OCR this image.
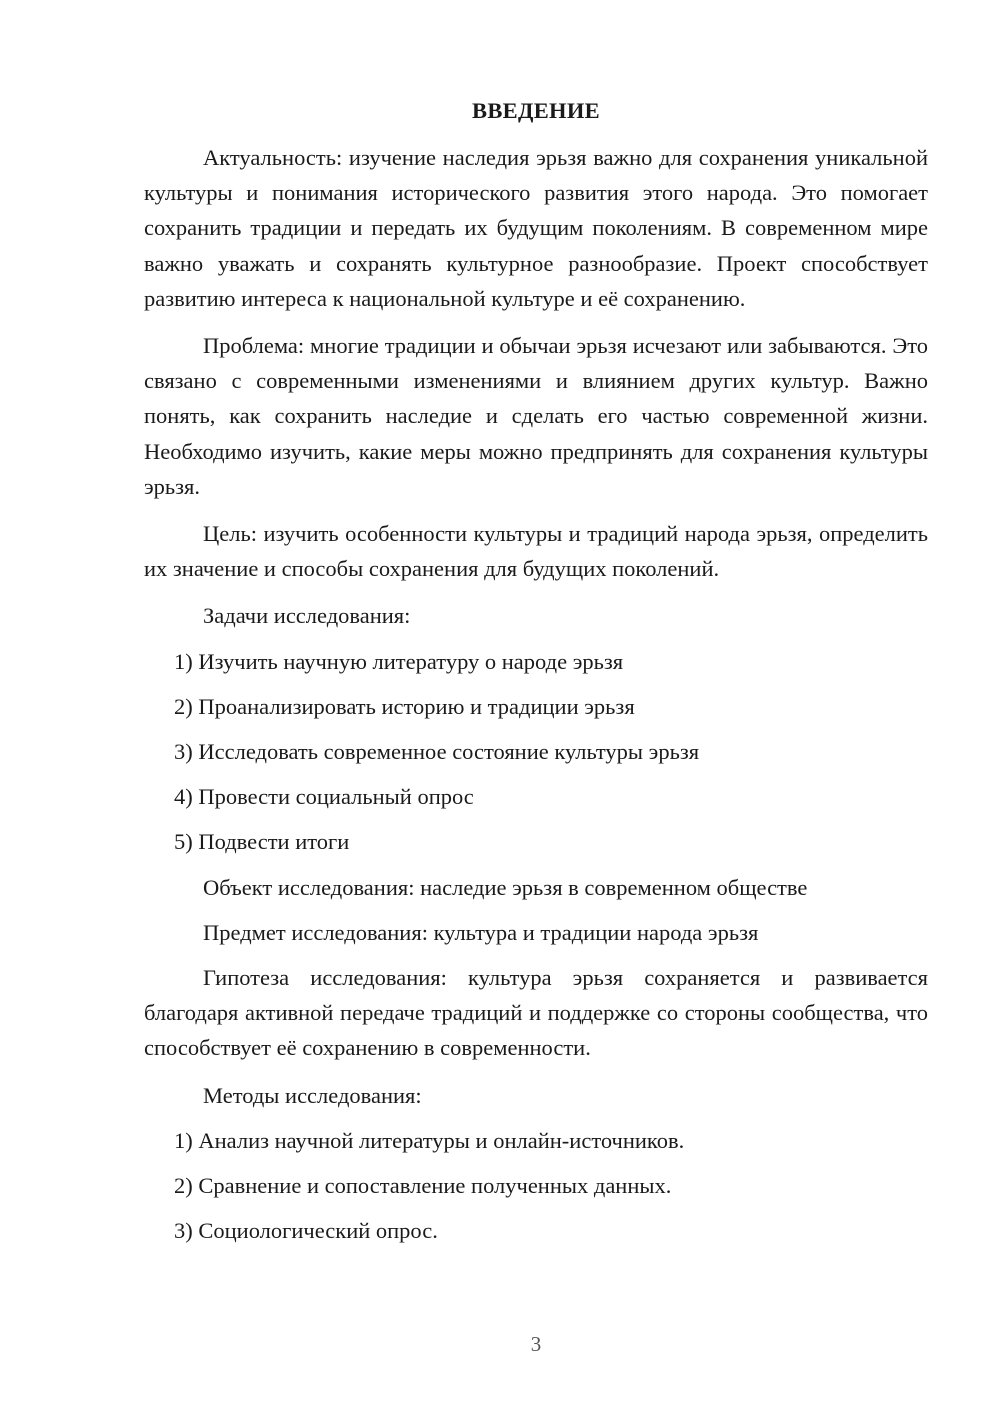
ВВЕДЕНИЕ

Актуальность: изучение наследия эрьзя важно для сохранения уникальной культуры и понимания исторического развития этого народа. Это помогает сохранить традиции и передать их будущим поколениям. В современном мире важно уважать и сохранять культурное разнообразие. Проект способствует развитию интереса к национальной культуре и её сохранению.

Проблема: многие традиции и обычаи эрьзя исчезают или забываются. Это связано с современными изменениями и влиянием других культур. Важно понять, как сохранить наследие и сделать его частью современной жизни. Необходимо изучить, какие меры можно предпринять для сохранения культуры эрьзя.

Цель: изучить особенности культуры и традиций народа эрьзя, определить их значение и способы сохранения для будущих поколений.

Задачи исследования:

1) Изучить научную литературу о народе эрьзя

2) Проанализировать историю и традиции эрьзя

3) Исследовать современное состояние культуры эрьзя

4) Провести социальный опрос

5) Подвести итоги

Объект исследования: наследие эрьзя в современном обществе

Предмет исследования: культура и традиции народа эрьзя

Гипотеза исследования: культура эрьзя сохраняется и развивается благодаря активной передаче традиций и поддержке со стороны сообщества, что способствует её сохранению в современности.

Методы исследования:

1) Анализ научной литературы и онлайн-источников.

2) Сравнение и сопоставление полученных данных.

3) Социологический опрос.

3
